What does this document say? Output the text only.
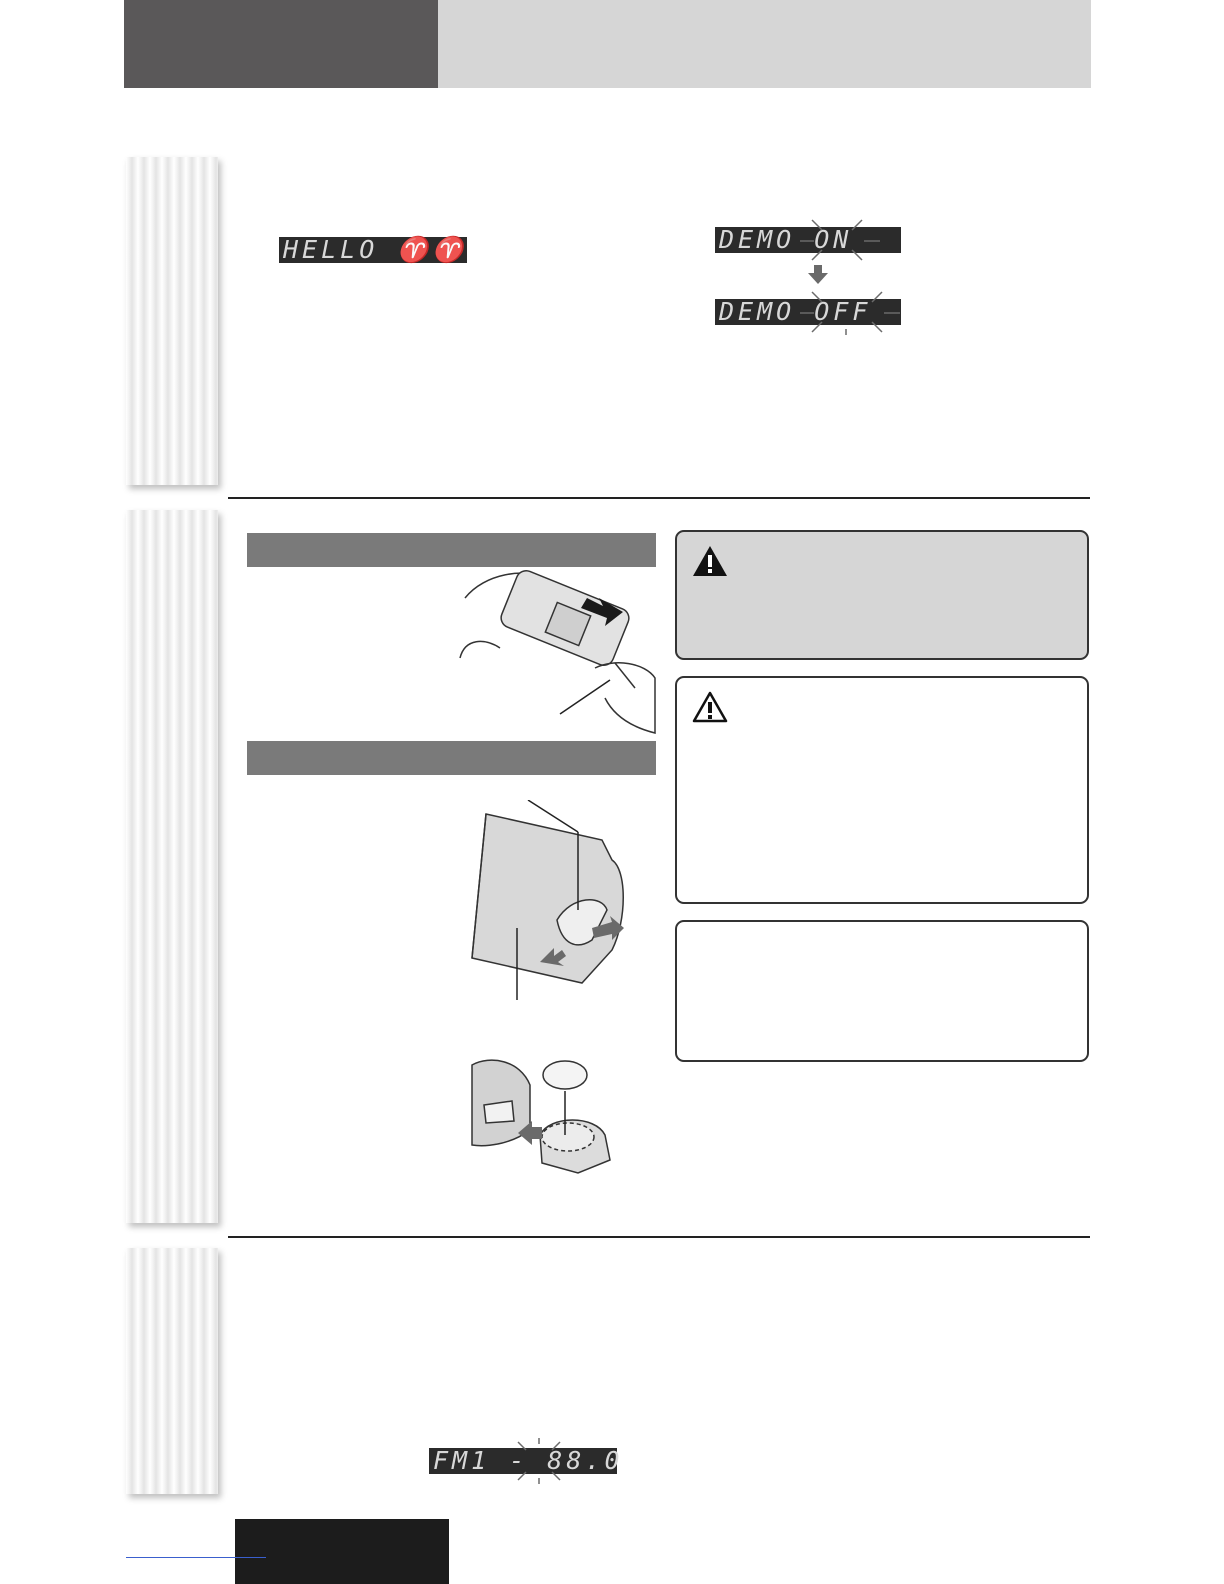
HELLO ♈♈	DEMO ON
DEMO OFF
FM1 - 88.0
